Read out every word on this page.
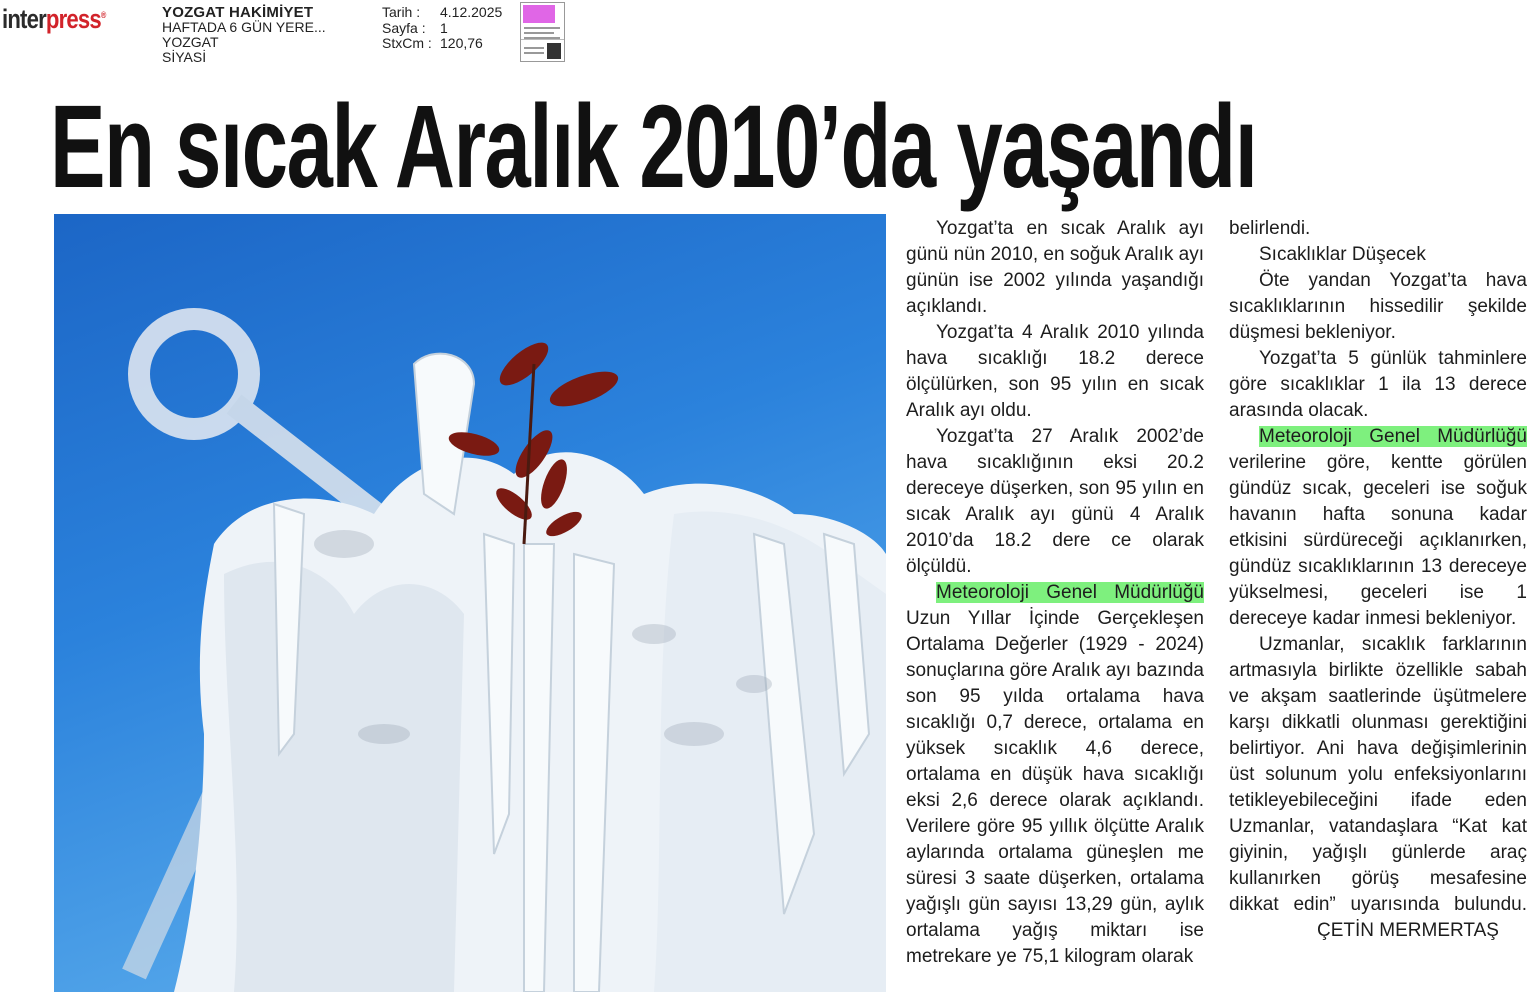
interpress®	YOZGAT HAKİMİYET
HAFTADA 6 GÜN YERE...
YOZGAT
SİYASİ
Tarih :	4.12.2025
Sayfa :	1
StxCm : 120,76
En sıcak Aralık 2010’da yaşandı

Yozgat’ta en sıcak Aralık ayı günü nün 2010, en soğuk Aralık ayı günün ise 2002 yılında yaşandığı açıklandı.

Yozgat’ta 4 Aralık 2010 yılında hava sıcaklığı 18.2 derece ölçülürken, son 95 yılın en sıcak Aralık ayı oldu.

Yozgat’ta 27 Aralık 2002’de hava sıcaklığının eksi 20.2 dereceye düşerken, son 95 yılın en sıcak Aralık ayı günü 4 Aralık 2010’da 18.2 dere ce olarak ölçüldü.

Meteoroloji Genel Müdürlüğü Uzun Yıllar İçinde Gerçekleşen Ortalama Değerler (1929 - 2024) sonuçlarına göre Aralık ayı bazında son 95 yılda ortalama hava sıcaklığı 0,7 derece, ortalama en yüksek sıcaklık 4,6 derece, ortalama en düşük hava sıcaklığı eksi 2,6 derece olarak açıklandı. Verilere göre 95 yıllık ölçütte Aralık aylarında ortalama güneşlen me süresi 3 saate düşerken, ortalama yağışlı gün sayısı 13,29 gün, aylık ortalama yağış miktarı ise metrekare ye 75,1 kilogram olarak

belirlendi.

Sıcaklıklar Düşecek

Öte yandan Yozgat’ta hava sıcaklıklarının hissedilir şekilde düşmesi bekleniyor.

Yozgat’ta 5 günlük tahminlere göre sıcaklıklar 1 ila 13 derece arasında olacak.

Meteoroloji Genel Müdürlüğü verilerine göre, kentte görülen gündüz sıcak, geceleri ise soğuk havanın hafta sonuna kadar etkisini sürdüreceği açıklanırken, gündüz sıcaklıklarının 13 dereceye yükselmesi, geceleri ise 1 dereceye kadar inmesi bekleniyor.

Uzmanlar, sıcaklık farklarının artmasıyla birlikte özellikle sabah ve akşam saatlerinde üşütmelere karşı dikkatli olunması gerektiğini belirtiyor. Ani hava değişimlerinin üst solunum yolu enfeksiyonlarını tetikleyebileceğini ifade eden Uzmanlar, vatandaşlara “Kat kat giyinin, yağışlı günlerde araç kullanırken görüş mesafesine dikkat edin” uyarısında bulundu.ÇETİN MERMERTAŞ
